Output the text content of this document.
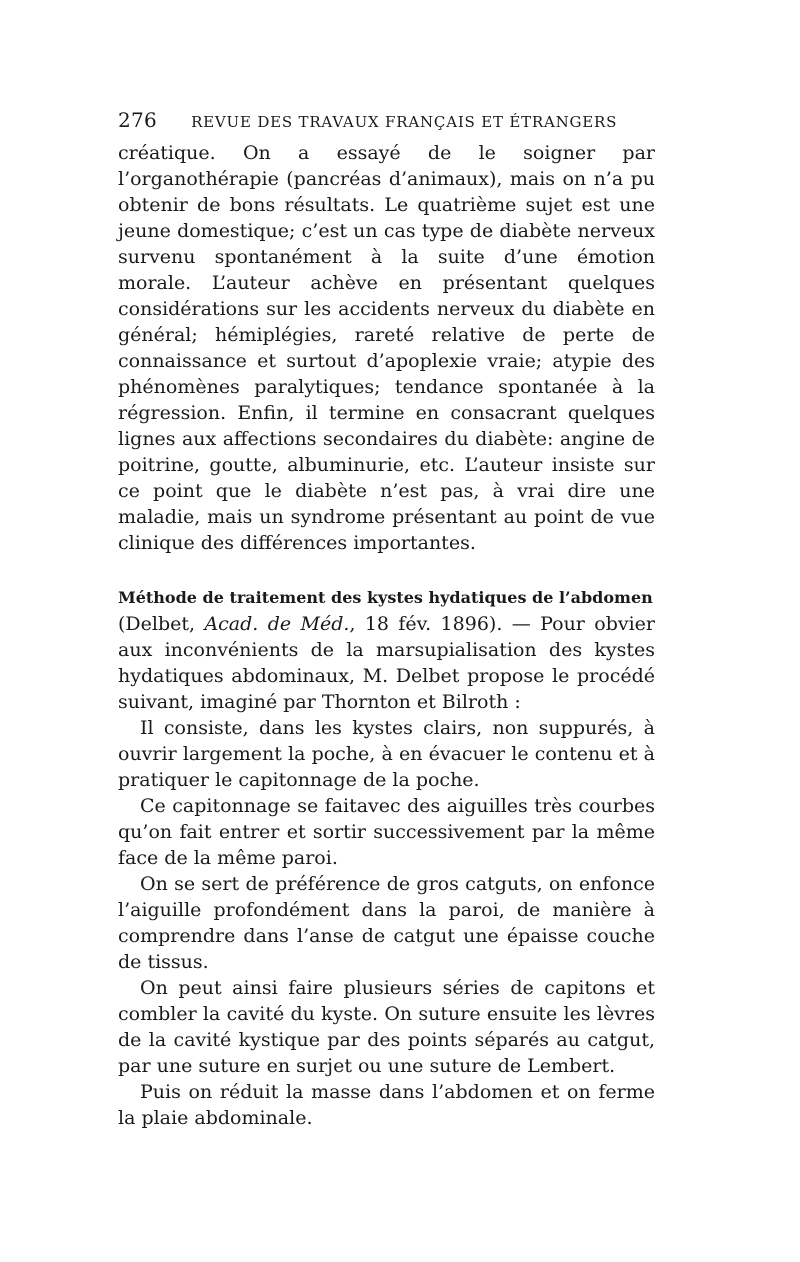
276 REVUE DES TRAVAUX FRANÇAIS ET ÉTRANGERS

créatique. On a essayé de le soigner par l’organothérapie (pancréas d’animaux), mais on n’a pu obtenir de bons résultats. Le quatrième sujet est une jeune domestique; c’est un cas type de diabète nerveux survenu spontanément à la suite d’une émotion morale. L’auteur achève en présentant quelques considérations sur les accidents nerveux du diabète en général; hémiplégies, rareté relative de perte de connaissance et surtout d’apoplexie vraie; atypie des phénomènes paralytiques; tendance spontanée à la régression. Enfin, il termine en consacrant quelques lignes aux affections secondaires du diabète: angine de poitrine, goutte, albuminurie, etc. L’auteur insiste sur ce point que le diabète n’est pas, à vrai dire une maladie, mais un syndrome présentant au point de vue clinique des différences importantes.

Méthode de traitement des kystes hydatiques de l’abdomen
(Delbet, Acad. de Méd., 18 fév. 1896). — Pour obvier aux inconvénients de la marsupialisation des kystes hydatiques abdominaux, M. Delbet propose le procédé suivant, imaginé par Thornton et Bilroth :

Il consiste, dans les kystes clairs, non suppurés, à ouvrir largement la poche, à en évacuer le contenu et à pratiquer le capitonnage de la poche.

Ce capitonnage se faitavec des aiguilles très courbes qu’on fait entrer et sortir successivement par la même face de la même paroi.

On se sert de préférence de gros catguts, on enfonce l’aiguille profondément dans la paroi, de manière à comprendre dans l’anse de catgut une épaisse couche de tissus.

On peut ainsi faire plusieurs séries de capitons et combler la cavité du kyste. On suture ensuite les lèvres de la cavité kystique par des points séparés au catgut, par une suture en surjet ou une suture de Lembert.

Puis on réduit la masse dans l’abdomen et on ferme la plaie abdominale.
